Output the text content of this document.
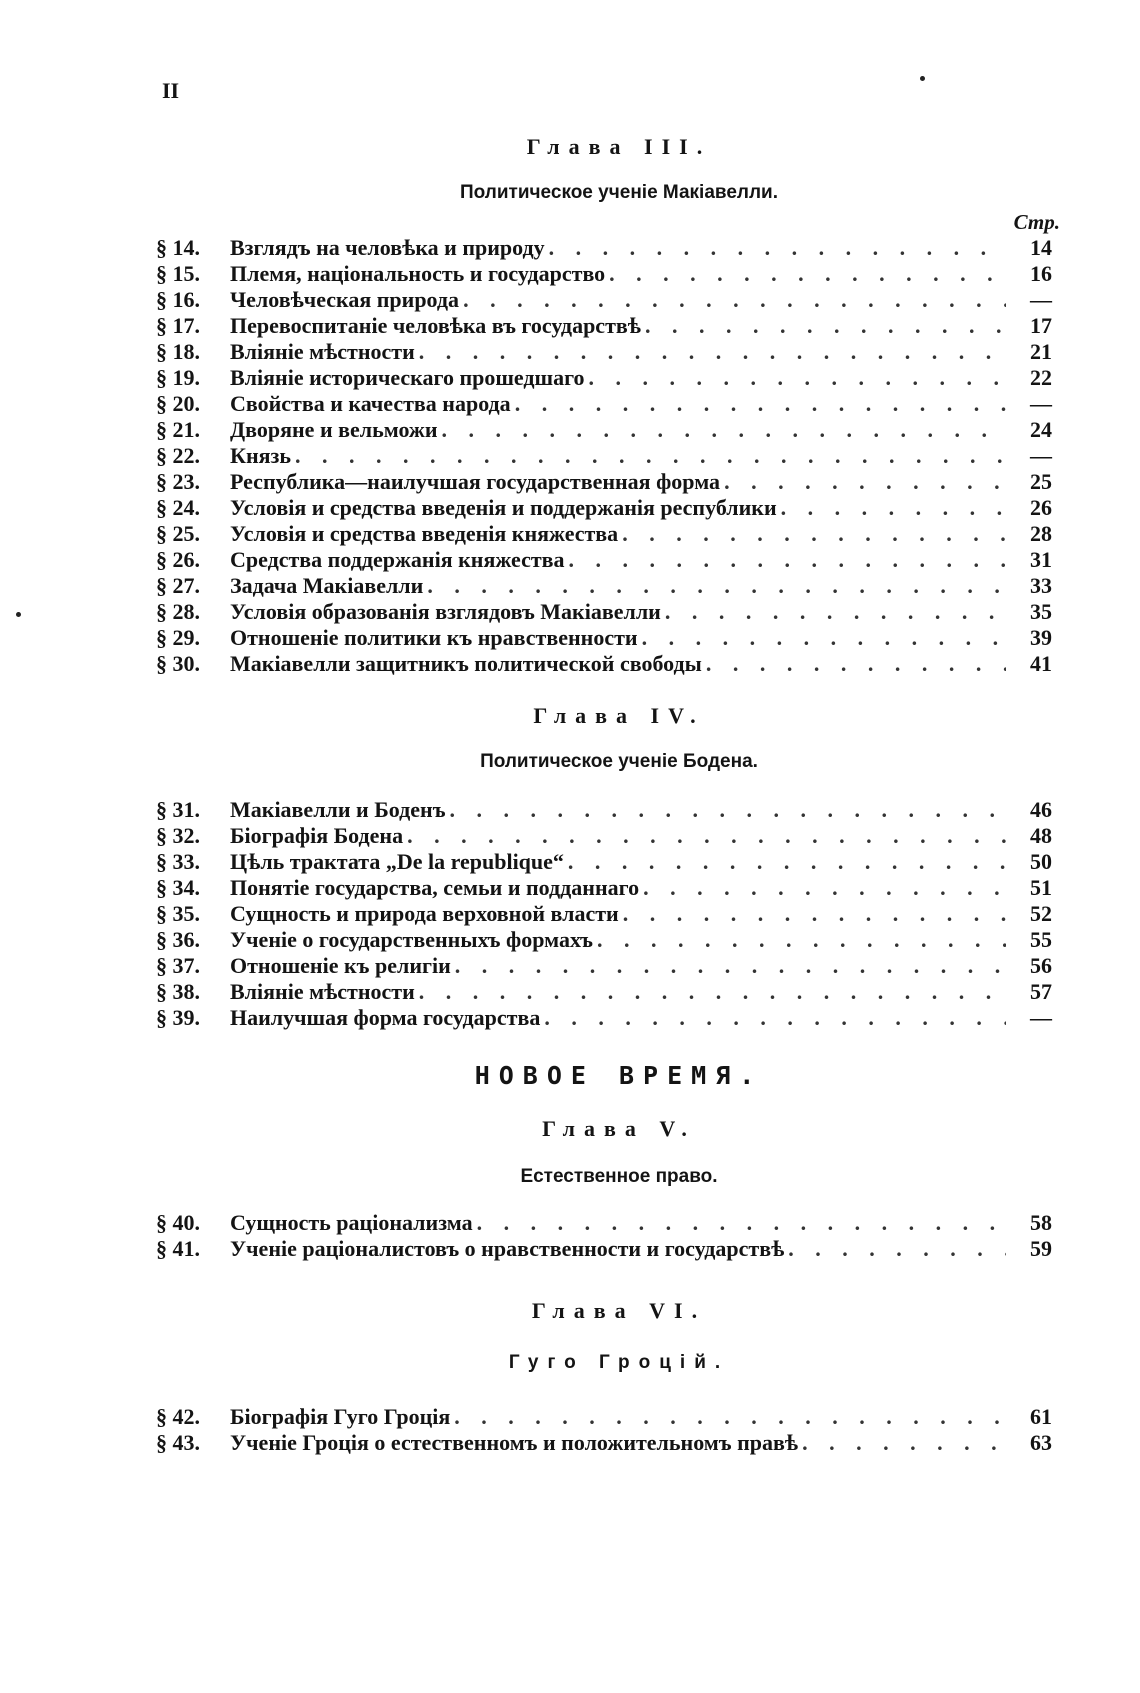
II
Глава III.
Политическое ученіе Макіавелли.
Стр.
§ 14.	Взглядъ на человѣка и природу . . .	14
§ 15.	Племя, національность и государство . . .	16
§ 16.	Человѣческая природа . . .	—
§ 17.	Перевоспитаніе человѣка въ государствѣ . . .	17
§ 18.	Вліяніе мѣстности . . .	21
§ 19.	Вліяніе историческаго прошедшаго . . .	22
§ 20.	Свойства и качества народа . . .	—
§ 21.	Дворяне и вельможи . . .	24
§ 22.	Князь . . .	—
§ 23.	Республика—наилучшая государственная форма . . .	25
§ 24.	Условія и средства введенія и поддержанія республики . . .	26
§ 25.	Условія и средства введенія княжества . . .	28
§ 26.	Средства поддержанія княжества . . .	31
§ 27.	Задача Макіавелли . . .	33
§ 28.	Условія образованія взглядовъ Макіавелли . . .	35
§ 29.	Отношеніе политики къ нравственности . . .	39
§ 30.	Макіавелли защитникъ политической свободы . . .	41
Глава IV.
Политическое ученіе Бодена.
§ 31.	Макіавелли и Боденъ . . .	46
§ 32.	Біографія Бодена . . .	48
§ 33.	Цѣль трактата „De la republique“ . . .	50
§ 34.	Понятіе государства, семьи и подданнаго . . .	51
§ 35.	Сущность и природа верховной власти . . .	52
§ 36.	Ученіе о государственныхъ формахъ . . .	55
§ 37.	Отношеніе къ религіи . . .	56
§ 38.	Вліяніе мѣстности . . .	57
§ 39.	Наилучшая форма государства . . .	—
НОВОЕ ВРЕМЯ.
Глава V.
Естественное право.
§ 40.	Сущность раціонализма . . .	58
§ 41.	Ученіе раціоналистовъ о нравственности и государствѣ . . .	59
Глава VI.
Гуго Гроцій.
§ 42.	Біографія Гуго Гроція . . .	61
§ 43.	Ученіе Гроція о естественномъ и положительномъ правѣ . . .	63
